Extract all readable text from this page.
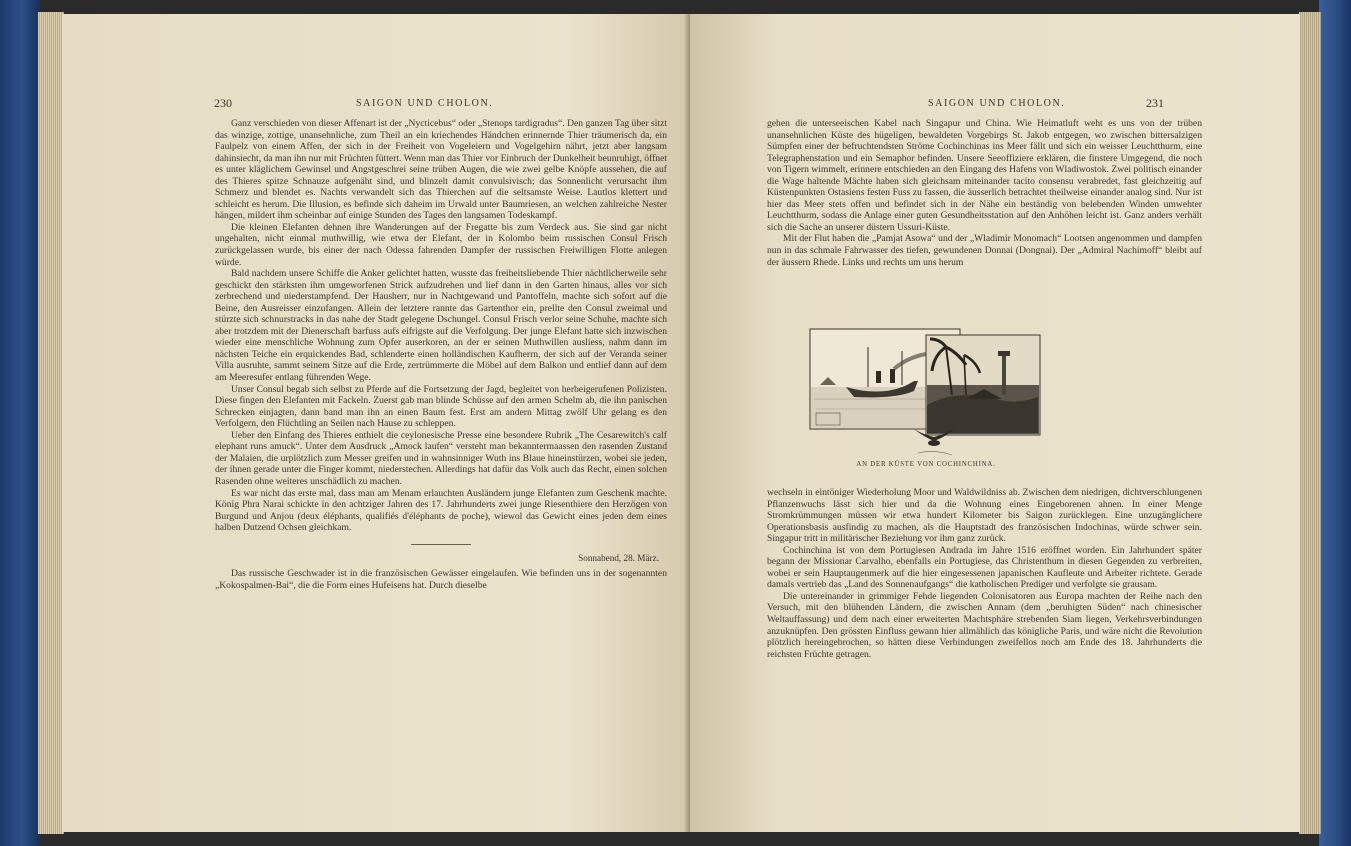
230	SAIGON UND CHOLON.

Ganz verschieden von dieser Affenart ist der „Nycticebus“ oder „Stenops tardigradus“. Den ganzen Tag über sitzt das winzige, zottige, unansehnliche, zum Theil an ein kriechendes Händchen erinnernde Thier träumerisch da, ein Faulpelz von einem Affen, der sich in der Freiheit von Vogeleiern und Vogelgehirn nährt, jetzt aber langsam dahinsiecht, da man ihn nur mit Früchten füttert. Wenn man das Thier vor Einbruch der Dunkelheit beunruhigt, öffnet es unter kläglichem Gewinsel und Angstgeschrei seine trüben Augen, die wie zwei gelbe Knöpfe aussehen, die auf des Thieres spitze Schnauze aufgenäht sind, und blinzelt damit convulsivisch; das Sonnenlicht verursacht ihm Schmerz und blendet es. Nachts verwandelt sich das Thierchen auf die seltsamste Weise. Lautlos klettert und schleicht es herum. Die Illusion, es befinde sich daheim im Urwald unter Baumriesen, an welchen zahlreiche Nester hängen, mildert ihm scheinbar auf einige Stunden des Tages den langsamen Todeskampf.

Die kleinen Elefanten dehnen ihre Wanderungen auf der Fregatte bis zum Verdeck aus. Sie sind gar nicht ungehalten, nicht einmal muthwillig, wie etwa der Elefant, der in Kolombo beim russischen Consul Frisch zurückgelassen wurde, bis einer der nach Odessa fahrenden Dampfer der russischen Freiwilligen Flotte anlegen würde.

Bald nachdem unsere Schiffe die Anker gelichtet hatten, wusste das freiheitsliebende Thier nächtlicherweile sehr geschickt den stärksten ihm umgeworfenen Strick aufzudrehen und lief dann in den Garten hinaus, alles vor sich zerbrechend und niederstampfend. Der Hausherr, nur in Nachtgewand und Pantoffeln, machte sich sofort auf die Beine, den Ausreisser einzufangen. Allein der letztere rannte das Gartenthor ein, prellte den Consul zweimal und stürzte sich schnurstracks in das nahe der Stadt gelegene Dschungel. Consul Frisch verlor seine Schuhe, machte sich aber trotzdem mit der Dienerschaft barfuss aufs eifrigste auf die Verfolgung. Der junge Elefant hatte sich inzwischen wieder eine menschliche Wohnung zum Opfer auserkoren, an der er seinen Muthwillen ausliess, nahm dann im nächsten Teiche ein erquickendes Bad, schlenderte einen holländischen Kaufherrn, der sich auf der Veranda seiner Villa ausruhte, sammt seinem Sitze auf die Erde, zertrümmerte die Möbel auf dem Balkon und entlief dann auf dem am Meeresufer entlang führenden Wege.

Unser Consul begab sich selbst zu Pferde auf die Fortsetzung der Jagd, begleitet von herbeigerufenen Polizisten. Diese fingen den Elefanten mit Fackeln. Zuerst gab man blinde Schüsse auf den armen Schelm ab, die ihn panischen Schrecken einjagten, dann band man ihn an einen Baum fest. Erst am andern Mittag zwölf Uhr gelang es den Verfolgern, den Flüchtling an Seilen nach Hause zu schleppen.

Ueber den Einfang des Thieres enthielt die ceylonesische Presse eine besondere Rubrik „The Cesarewitch's calf elephant runs amuck“. Unter dem Ausdruck „Amock laufen“ versteht man bekanntermaassen den rasenden Zustand der Malaien, die urplötzlich zum Messer greifen und in wahnsinniger Wuth ins Blaue hineinstürzen, wobei sie jeden, der ihnen gerade unter die Finger kommt, niederstechen. Allerdings hat dafür das Volk auch das Recht, einen solchen Rasenden ohne weiteres unschädlich zu machen.

Es war nicht das erste mal, dass man am Menam erlauchten Ausländern junge Elefanten zum Geschenk machte. König Phra Narai schickte in den achtziger Jahren des 17. Jahrhunderts zwei junge Riesenthiere den Herzögen von Burgund und Anjou (deux éléphants, qualifiés d'éléphants de poche), wiewol das Gewicht eines jeden dem eines halben Dutzend Ochsen gleichkam.

Sonnabend, 28. März.

Das russische Geschwader ist in die französischen Gewässer eingelaufen. Wie befinden uns in der sogenannten „Kokospalmen-Bai“, die die Form eines Hufeisens hat. Durch dieselbe

SAIGON UND CHOLON.	231

gehen die unterseeischen Kabel nach Singapur und China. Wie Heimatluft weht es uns von der trüben unansehnlichen Küste des hügeligen, bewaldeten Vorgebirgs St. Jakob entgegen, wo zwischen bittersalzigen Sümpfen einer der befruchtendsten Ströme Cochinchinas ins Meer fällt und sich ein weisser Leuchtthurm, eine Telegraphenstation und ein Semaphor befinden. Unsere Seeoffiziere erklären, die finstere Umgegend, die noch von Tigern wimmelt, erinnere entschieden an den Eingang des Hafens von Wladiwostok. Zwei politisch einander die Wage haltende Mächte haben sich gleichsam miteinander tacito consensu verabredet, fast gleichzeitig auf Küstenpunkten Ostasiens festen Fuss zu fassen, die äusserlich betrachtet theilweise einander analog sind. Nur ist hier das Meer stets offen und befindet sich in der Nähe ein beständig von belebenden Winden umwehter Leuchtthurm, sodass die Anlage einer guten Gesundheitsstation auf den Anhöhen leicht ist. Ganz anders verhält sich die Sache an unserer düstern Ussuri-Küste.

Mit der Flut haben die „Pamjat Asowa“ und der „Wladimir Monomach“ Lootsen angenommen und dampfen nun in das schmale Fahrwasser des tiefen, gewundenen Donnai (Dongnai). Der „Admiral Nachimoff“ bleibt auf der äussern Rhede. Links und rechts um uns herum

AN DER KÜSTE VON COCHINCHINA.

wechseln in eintöniger Wiederholung Moor und Waldwildniss ab. Zwischen dem niedrigen, dichtverschlungenen Pflanzenwuchs lässt sich hier und da die Wohnung eines Eingeborenen ahnen. In einer Menge Stromkrümmungen müssen wir etwa hundert Kilometer bis Saigon zurücklegen. Eine unzugänglichere Operationsbasis ausfindig zu machen, als die Hauptstadt des französischen Indochinas, würde schwer sein. Singapur tritt in militärischer Beziehung vor ihm ganz zurück.

Cochinchina ist von dem Portugiesen Andrada im Jahre 1516 eröffnet worden. Ein Jahrhundert später begann der Missionar Carvalho, ebenfalls ein Portugiese, das Christenthum in diesen Gegenden zu verbreiten, wobei er sein Hauptaugenmerk auf die hier eingesessenen japanischen Kaufleute und Arbeiter richtete. Gerade damals vertrieb das „Land des Sonnenaufgangs“ die katholischen Prediger und verfolgte sie grausam.

Die untereinander in grimmiger Fehde liegenden Colonisatoren aus Europa machten der Reihe nach den Versuch, mit den blühenden Ländern, die zwischen Annam (dem „beruhigten Süden“ nach chinesischer Weltauffassung) und dem nach einer erweiterten Machtsphäre strebenden Siam liegen, Verkehrsverbindungen anzuknüpfen. Den grössten Einfluss gewann hier allmählich das königliche Paris, und wäre nicht die Revolution plötzlich hereingebrochen, so hätten diese Verbindungen zweifellos noch am Ende des 18. Jahrhunderts die reichsten Früchte getragen.
